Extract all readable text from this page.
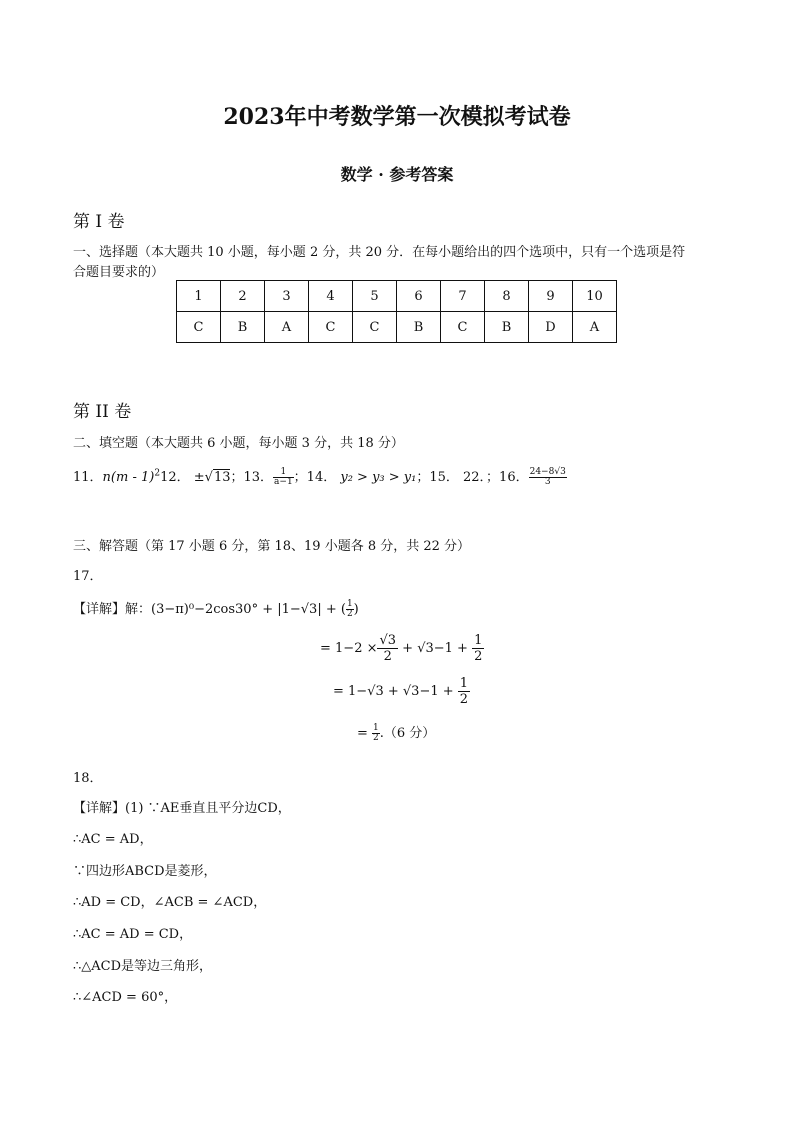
2023年中考数学第一次模拟考试卷
数学 · 参考答案
第 I 卷
一、选择题（本大题共 10 小题，每小题 2 分，共 20 分．在每小题给出的四个选项中，只有一个选项是符
合题目要求的）
1	2	3	4	5	6	7	8	9	10
C	B	A	C	C	B	C	B	D	A
第 II 卷
二、填空题（本大题共 6 小题，每小题 3 分，共 18 分）
11．n(m - 1)$^2$12． ±√13；13． $\frac{1}{a-1}$ ；14． y₂ > y₃ > y₁；15． 22．；16． $\frac{24-8√3}{3}$
三、解答题（第 17 小题 6 分，第 18、19 小题各 8 分，共 22 分）
17．
【详解】解：(3−π)⁰−2cos30° + |1−√3| + ( $\frac{1}{2}$ )
= $1-2 \times \frac{√3}{2} + √3-1 + \frac{1}{2}$
= $1-√3 + √3-1 + \frac{1}{2}$
= $\frac{1}{2} .(6$ 分）
18．
【详解】(1) ∵AE垂直且平分边CD，
∴AC = AD，
∵四边形ABCD是菱形，
∴AD = CD，∠ACB = ∠ACD，
∴AC = AD = CD，
∴△ACD是等边三角形，
∴∠ACD = 60°，
